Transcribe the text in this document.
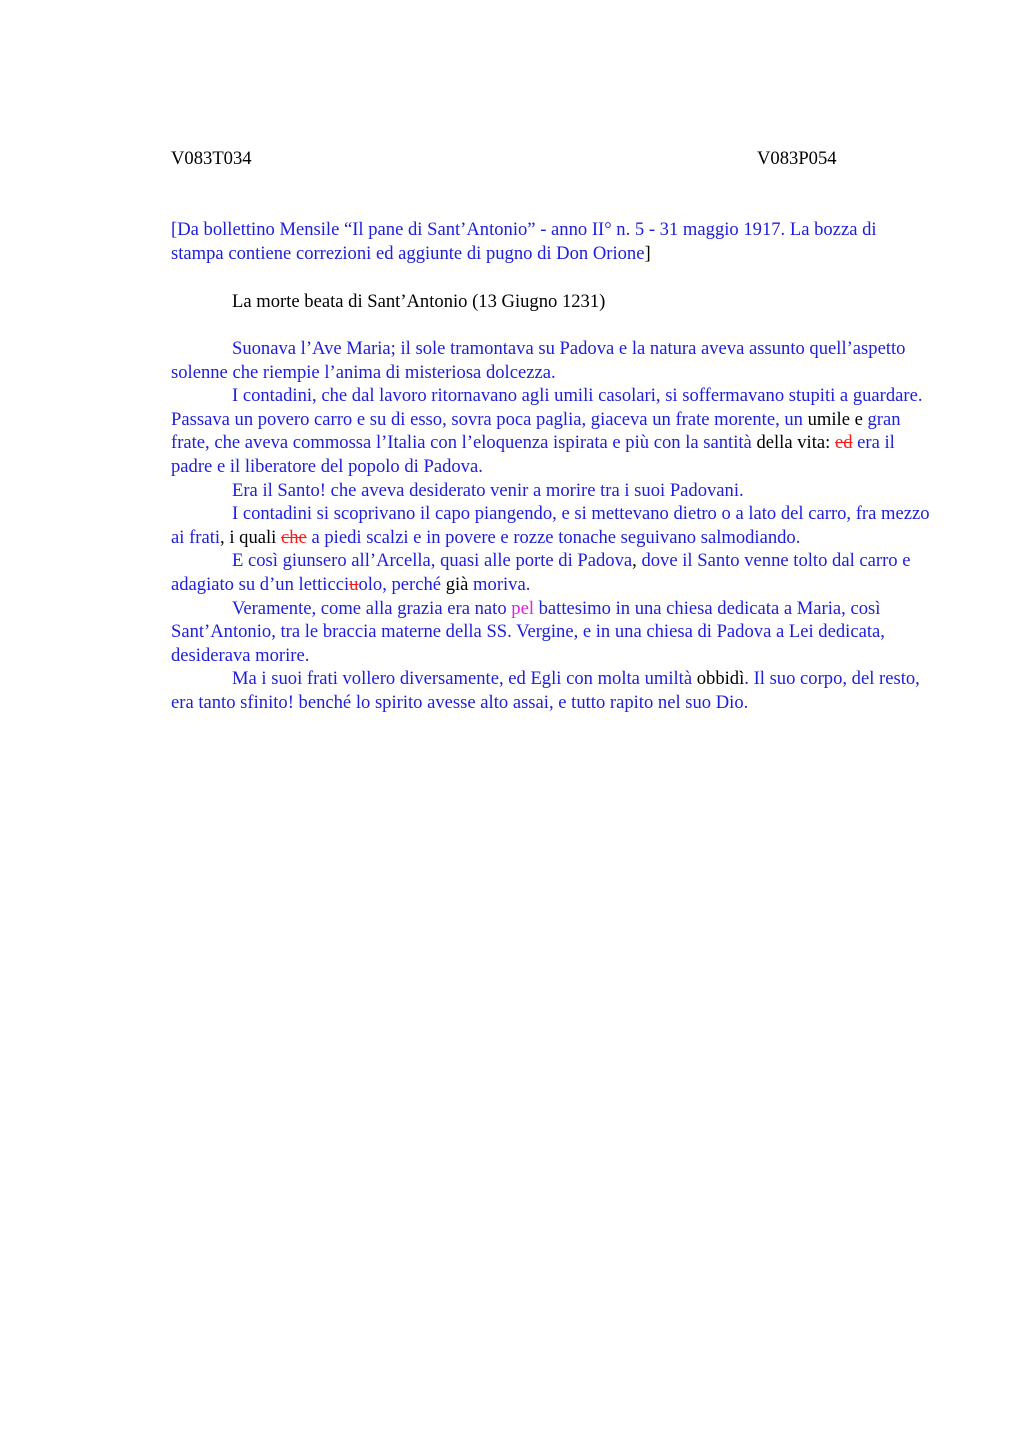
V083T034	V083P054
[Da bollettino Mensile “Il pane di Sant’Antonio” - anno II° n. 5 - 31 maggio 1917. La bozza di stampa contiene correzioni ed aggiunte di pugno di Don Orione]
La morte beata di Sant’Antonio (13 Giugno 1231)

Suonava l’Ave Maria; il sole tramontava su Padova e la natura aveva assunto quell’aspetto solenne che riempie l’anima di misteriosa dolcezza.

I contadini, che dal lavoro ritornavano agli umili casolari, si soffermavano stupiti a guardare. Passava un povero carro e su di esso, sovra poca paglia, giaceva un frate morente, un umile e gran frate, che aveva commossa l’Italia con l’eloquenza ispirata e più con la santità della vita: ed era il padre e il liberatore del popolo di Padova.

Era il Santo! che aveva desiderato venir a morire tra i suoi Padovani.

I contadini si scoprivano il capo piangendo, e si mettevano dietro o a lato del carro, fra mezzo ai frati, i quali che a piedi scalzi e in povere e rozze tonache seguivano salmodiando.

E così giunsero all’Arcella, quasi alle porte di Padova, dove il Santo venne tolto dal carro e adagiato su d’un letticciuolo, perché già moriva.

Veramente, come alla grazia era nato pel battesimo in una chiesa dedicata a Maria, così Sant’Antonio, tra le braccia materne della SS. Vergine, e in una chiesa di Padova a Lei dedicata, desiderava morire.

Ma i suoi frati vollero diversamente, ed Egli con molta umiltà obbidì. Il suo corpo, del resto, era tanto sfinito! benché lo spirito avesse alto assai, e tutto rapito nel suo Dio.
